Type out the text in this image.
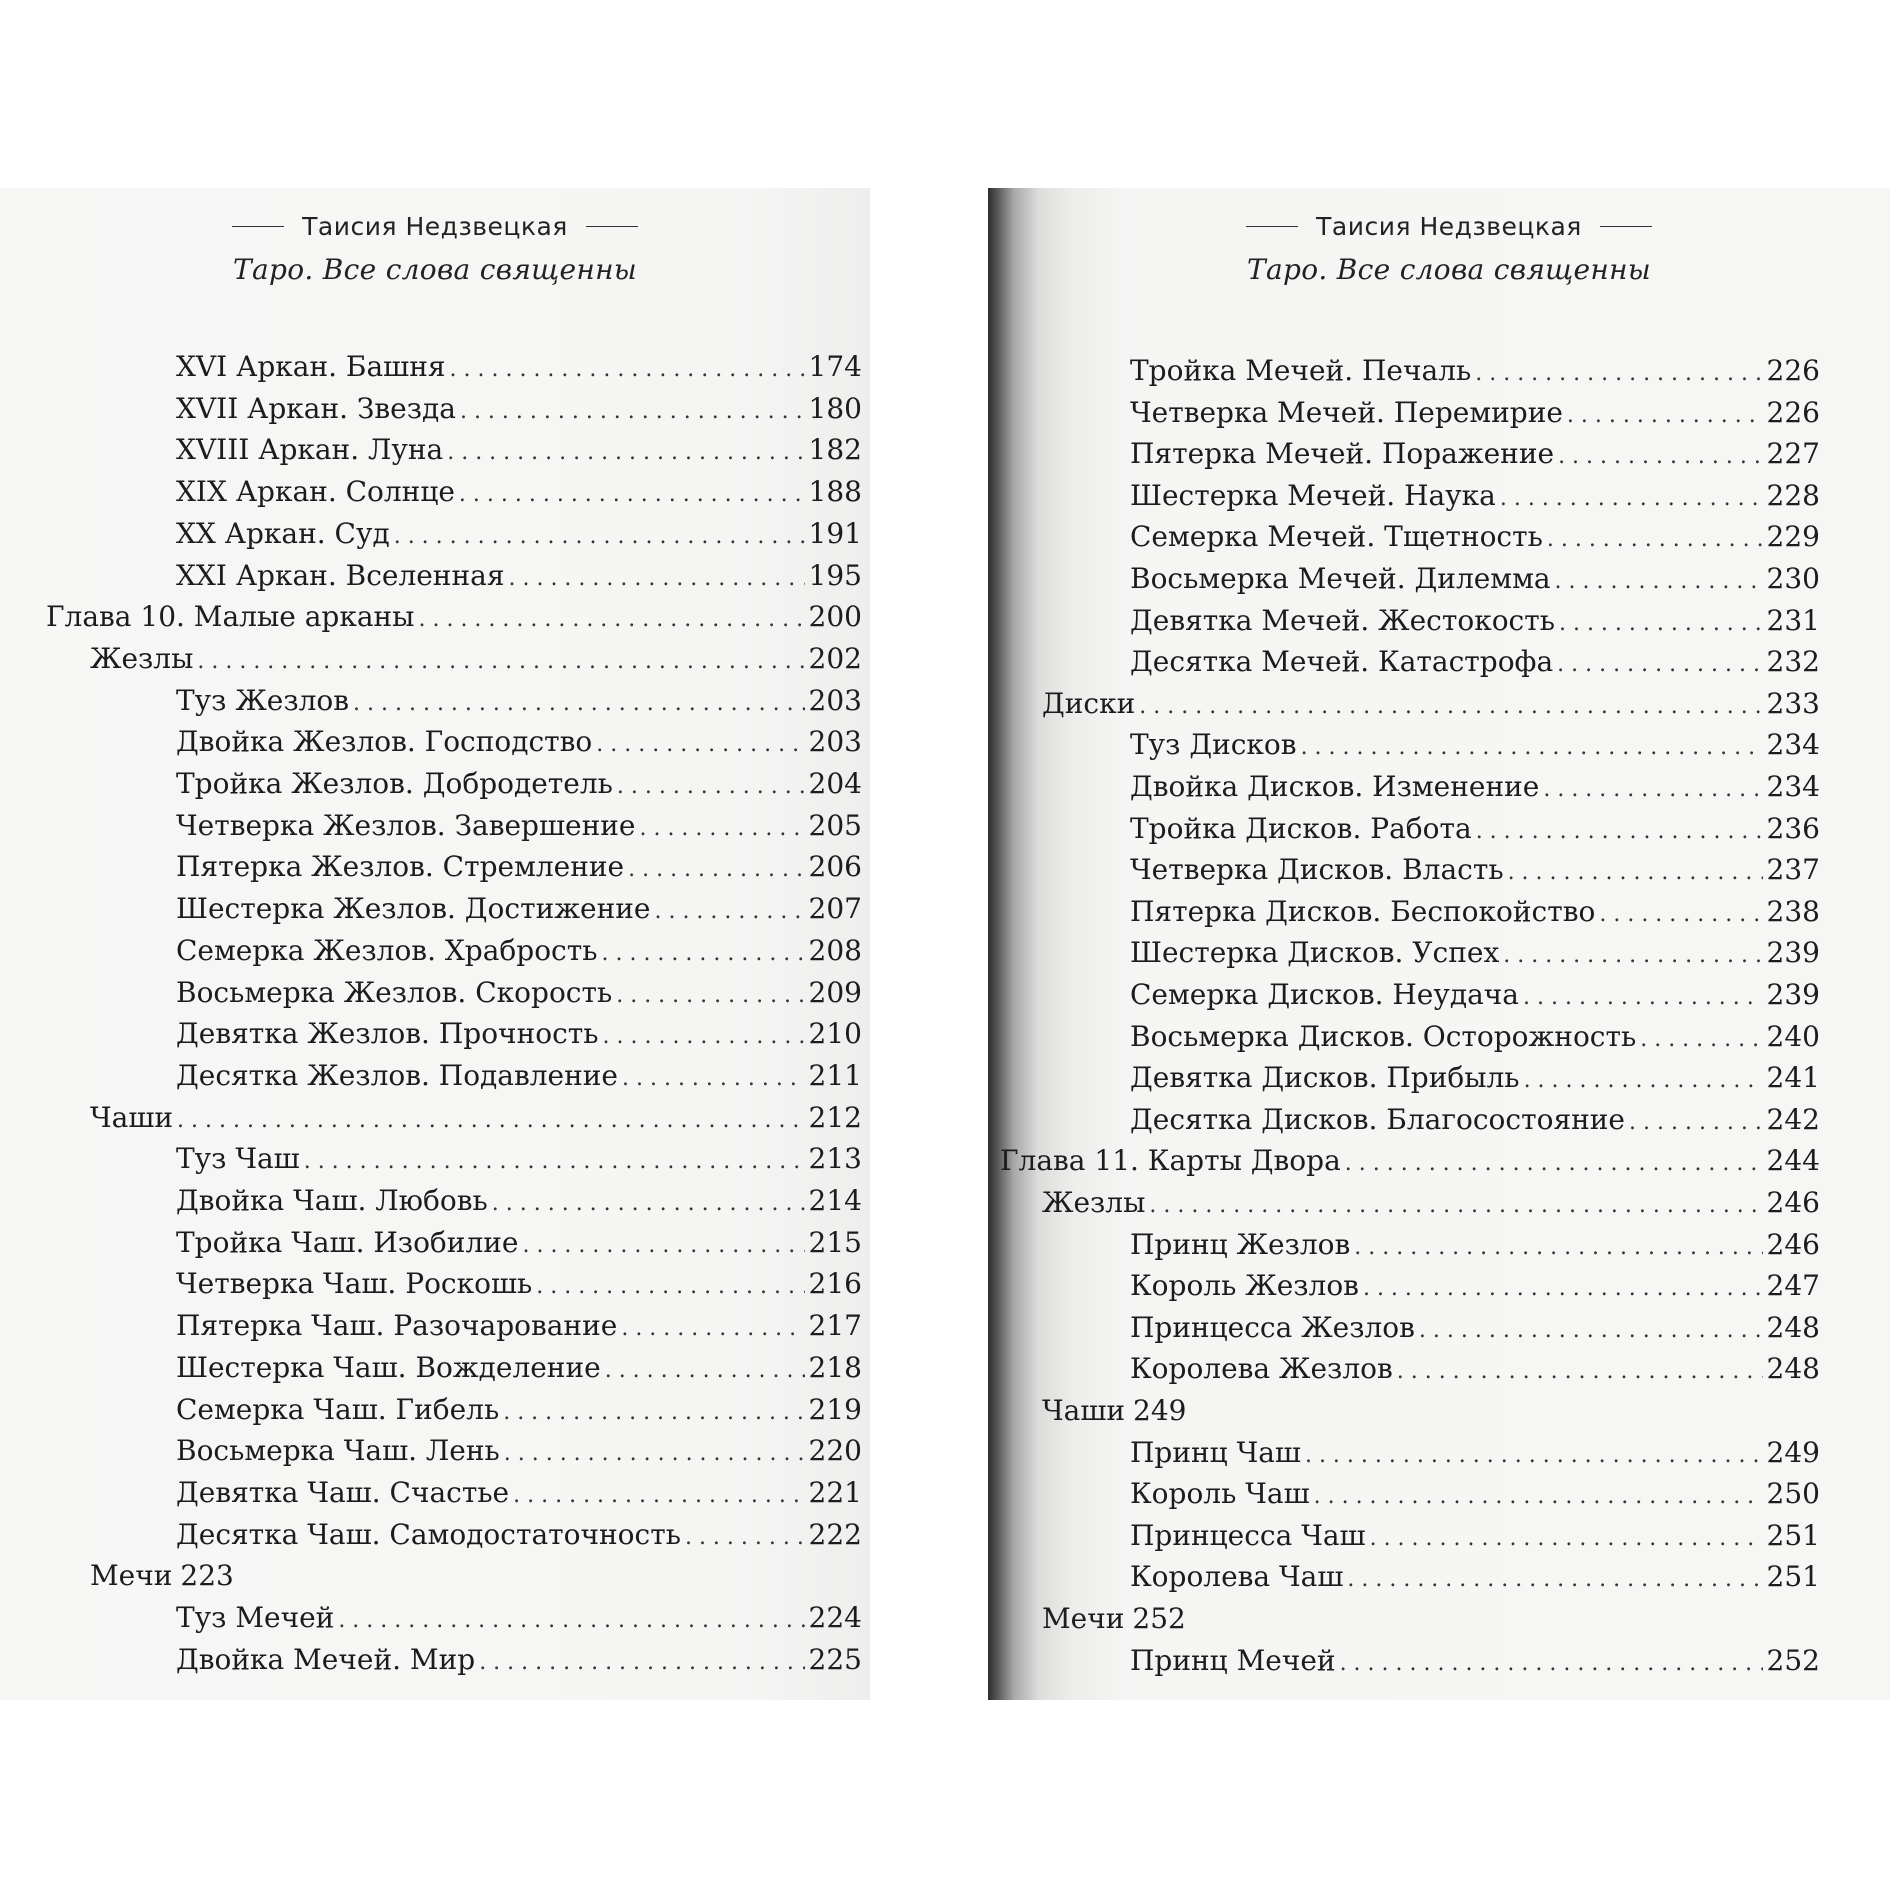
Таисия Недзвецкая
Таро. Все слова священны
XVI Аркан. Башня . . .	174
XVII Аркан. Звезда . . .	180
XVIII Аркан. Луна . . .	182
XIX Аркан. Солнце . . .	188
XX Аркан. Суд . . .	191
XXI Аркан. Вселенная . . .	195
Глава 10. Малые арканы . . .	200
Жезлы . . .	202
Туз Жезлов . . .	203
Двойка Жезлов. Господство . . .	203
Тройка Жезлов. Добродетель . . .	204
Четверка Жезлов. Завершение . . .	205
Пятерка Жезлов. Стремление . . .	206
Шестерка Жезлов. Достижение . . .	207
Семерка Жезлов. Храбрость . . .	208
Восьмерка Жезлов. Скорость . . .	209
Девятка Жезлов. Прочность . . .	210
Десятка Жезлов. Подавление . . .	211
Чаши . . .	212
Туз Чаш . . .	213
Двойка Чаш. Любовь . . .	214
Тройка Чаш. Изобилие . . .	215
Четверка Чаш. Роскошь . . .	216
Пятерка Чаш. Разочарование . . .	217
Шестерка Чаш. Вожделение . . .	218
Семерка Чаш. Гибель . . .	219
Восьмерка Чаш. Лень . . .	220
Девятка Чаш. Счастье . . .	221
Десятка Чаш. Самодостаточность . . .	222
Мечи 223
Туз Мечей . . .	224
Двойка Мечей. Мир . . .	225
Таисия Недзвецкая
Таро. Все слова священны
Тройка Мечей. Печаль . . .	226
Четверка Мечей. Перемирие . . .	226
Пятерка Мечей. Поражение . . .	227
Шестерка Мечей. Наука . . .	228
Семерка Мечей. Тщетность . . .	229
Восьмерка Мечей. Дилемма . . .	230
Девятка Мечей. Жестокость . . .	231
Десятка Мечей. Катастрофа . . .	232
Диски . . .	233
Туз Дисков . . .	234
Двойка Дисков. Изменение . . .	234
Тройка Дисков. Работа . . .	236
Четверка Дисков. Власть . . .	237
Пятерка Дисков. Беспокойство . . .	238
Шестерка Дисков. Успех . . .	239
Семерка Дисков. Неудача . . .	239
Восьмерка Дисков. Осторожность . . .	240
Девятка Дисков. Прибыль . . .	241
Десятка Дисков. Благосостояние . . .	242
Глава 11. Карты Двора . . .	244
Жезлы . . .	246
Принц Жезлов . . .	246
Король Жезлов . . .	247
Принцесса Жезлов . . .	248
Королева Жезлов . . .	248
Чаши 249
Принц Чаш . . .	249
Король Чаш . . .	250
Принцесса Чаш . . .	251
Королева Чаш . . .	251
Мечи 252
Принц Мечей . . .	252
